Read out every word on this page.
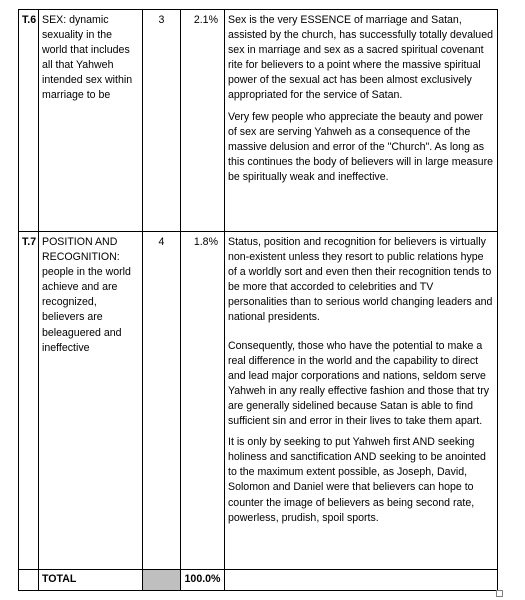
T.6	SEX: dynamic sexuality in the world that includes all that Yahweh intended sex within marriage to be	3	2.1%	Sex is the very ESSENCE of marriage and Satan, assisted by the church, has successfully totally devalued sex in marriage and sex as a sacred spiritual covenant rite for believers to a point where the massive spiritual power of the sexual act has been almost exclusively appropriated for the service of Satan.

Very few people who appreciate the beauty and power of sex are serving Yahweh as a consequence of the massive delusion and error of the "Church". As long as this continues the body of believers will in large measure be spiritually weak and ineffective.

T.7	POSITION AND RECOGNITION: people in the world achieve and are recognized, believers are beleaguered and ineffective	4	1.8%	Status, position and recognition for believers is virtually non-existent unless they resort to public relations hype of a worldly sort and even then their recognition tends to be more that accorded to celebrities and TV personalities than to serious world changing leaders and national presidents.

Consequently, those who have the potential to make a real difference in the world and the capability to direct and lead major corporations and nations, seldom serve Yahweh in any really effective fashion and those that try are generally sidelined because Satan is able to find sufficient sin and error in their lives to take them apart.

It is only by seeking to put Yahweh first AND seeking holiness and sanctification AND seeking to be anointed to the maximum extent possible, as Joseph, David, Solomon and Daniel were that believers can hope to counter the image of believers as being second rate, powerless, prudish, spoil sports.

	TOTAL		100.0%	
